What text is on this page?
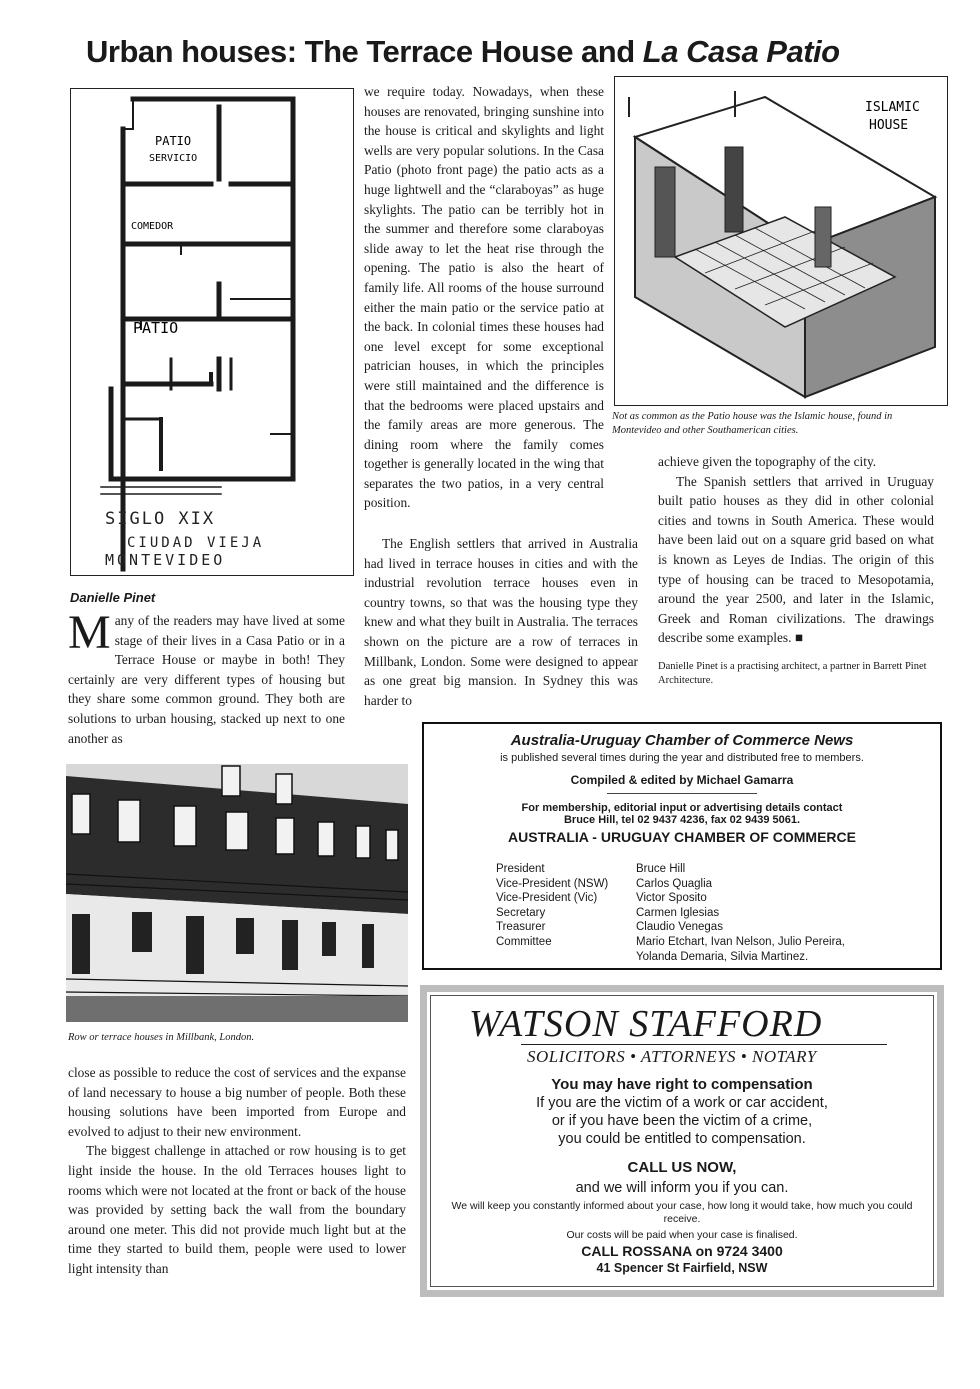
Urban houses: The Terrace House and La Casa Patio
PATIO
SERVICIO
COMEDOR
PATIO
SIGLO XIX
CIUDAD VIEJA
MONTEVIDEO
Danielle Pinet

Many of the readers may have lived at some stage of their lives in a Casa Patio or in a Terrace House or maybe in both! They certainly are very different types of housing but they share some common ground. They both are solutions to urban housing, stacked up next to one another as

we require today. Nowadays, when these houses are renovated, bringing sunshine into the house is critical and skylights and light wells are very popular solutions. In the Casa Patio (photo front page) the patio acts as a huge lightwell and the “claraboyas” as huge skylights. The patio can be terribly hot in the summer and therefore some claraboyas slide away to let the heat rise through the opening. The patio is also the heart of family life. All rooms of the house surround either the main patio or the service patio at the back. In colonial times these houses had one level except for some exceptional patrician houses, in which the principles were still maintained and the difference is that the bedrooms were placed upstairs and the family areas are more generous. The dining room where the family comes together is generally located in the wing that separates the two patios, in a very central position.

The English settlers that arrived in Australia had lived in terrace houses in cities and with the industrial revolution terrace houses even in country towns, so that was the housing type they knew and what they built in Australia. The terraces shown on the picture are a row of terraces in Millbank, London. Some were designed to appear as one great big mansion. In Sydney this was harder to

ISLAMIC
HOUSE
Not as common as the Patio house was the Islamic house, found in Montevideo and other Southamerican cities.

achieve given the topography of the city.

The Spanish settlers that arrived in Uruguay built patio houses as they did in other colonial cities and towns in South America. These would have been laid out on a square grid based on what is known as Leyes de Indias. The origin of this type of housing can be traced to Mesopotamia, around the year 2500, and later in the Islamic, Greek and Roman civilizations. The drawings describe some examples. ■

Danielle Pinet is a practising architect, a partner in Barrett Pinet Architecture.
Australia-Uruguay Chamber of Commerce News
is published several times during the year and distributed free to members.
Compiled & edited by Michael Gamarra
For membership, editorial input or advertising details contact
Bruce Hill, tel 02 9437 4236, fax 02 9439 5061.
AUSTRALIA - URUGUAY CHAMBER OF COMMERCE
President	Bruce Hill
Vice-President (NSW)	Carlos Quaglia
Vice-President (Vic)	Victor Sposito
Secretary	Carmen Iglesias
Treasurer	Claudio Venegas
Committee	Mario Etchart, Ivan Nelson, Julio Pereira,
Yolanda Demaria, Silvia Martinez.
Row or terrace houses in Millbank, London.

close as possible to reduce the cost of services and the expanse of land necessary to house a big number of people. Both these housing solutions have been imported from Europe and evolved to adjust to their new environment.

The biggest challenge in attached or row housing is to get light inside the house. In the old Terraces houses light to rooms which were not located at the front or back of the house was provided by setting back the wall from the boundary around one meter. This did not provide much light but at the time they started to build them, people were used to lower light intensity than

WATSON STAFFORD
SOLICITORS • ATTORNEYS • NOTARY
You may have right to compensation
If you are the victim of a work or car accident,
or if you have been the victim of a crime,
you could be entitled to compensation.
CALL US NOW,
and we will inform you if you can.
We will keep you constantly informed about your case, how long it would take, how much you could receive.
Our costs will be paid when your case is finalised.
CALL ROSSANA on 9724 3400
41 Spencer St Fairfield, NSW
